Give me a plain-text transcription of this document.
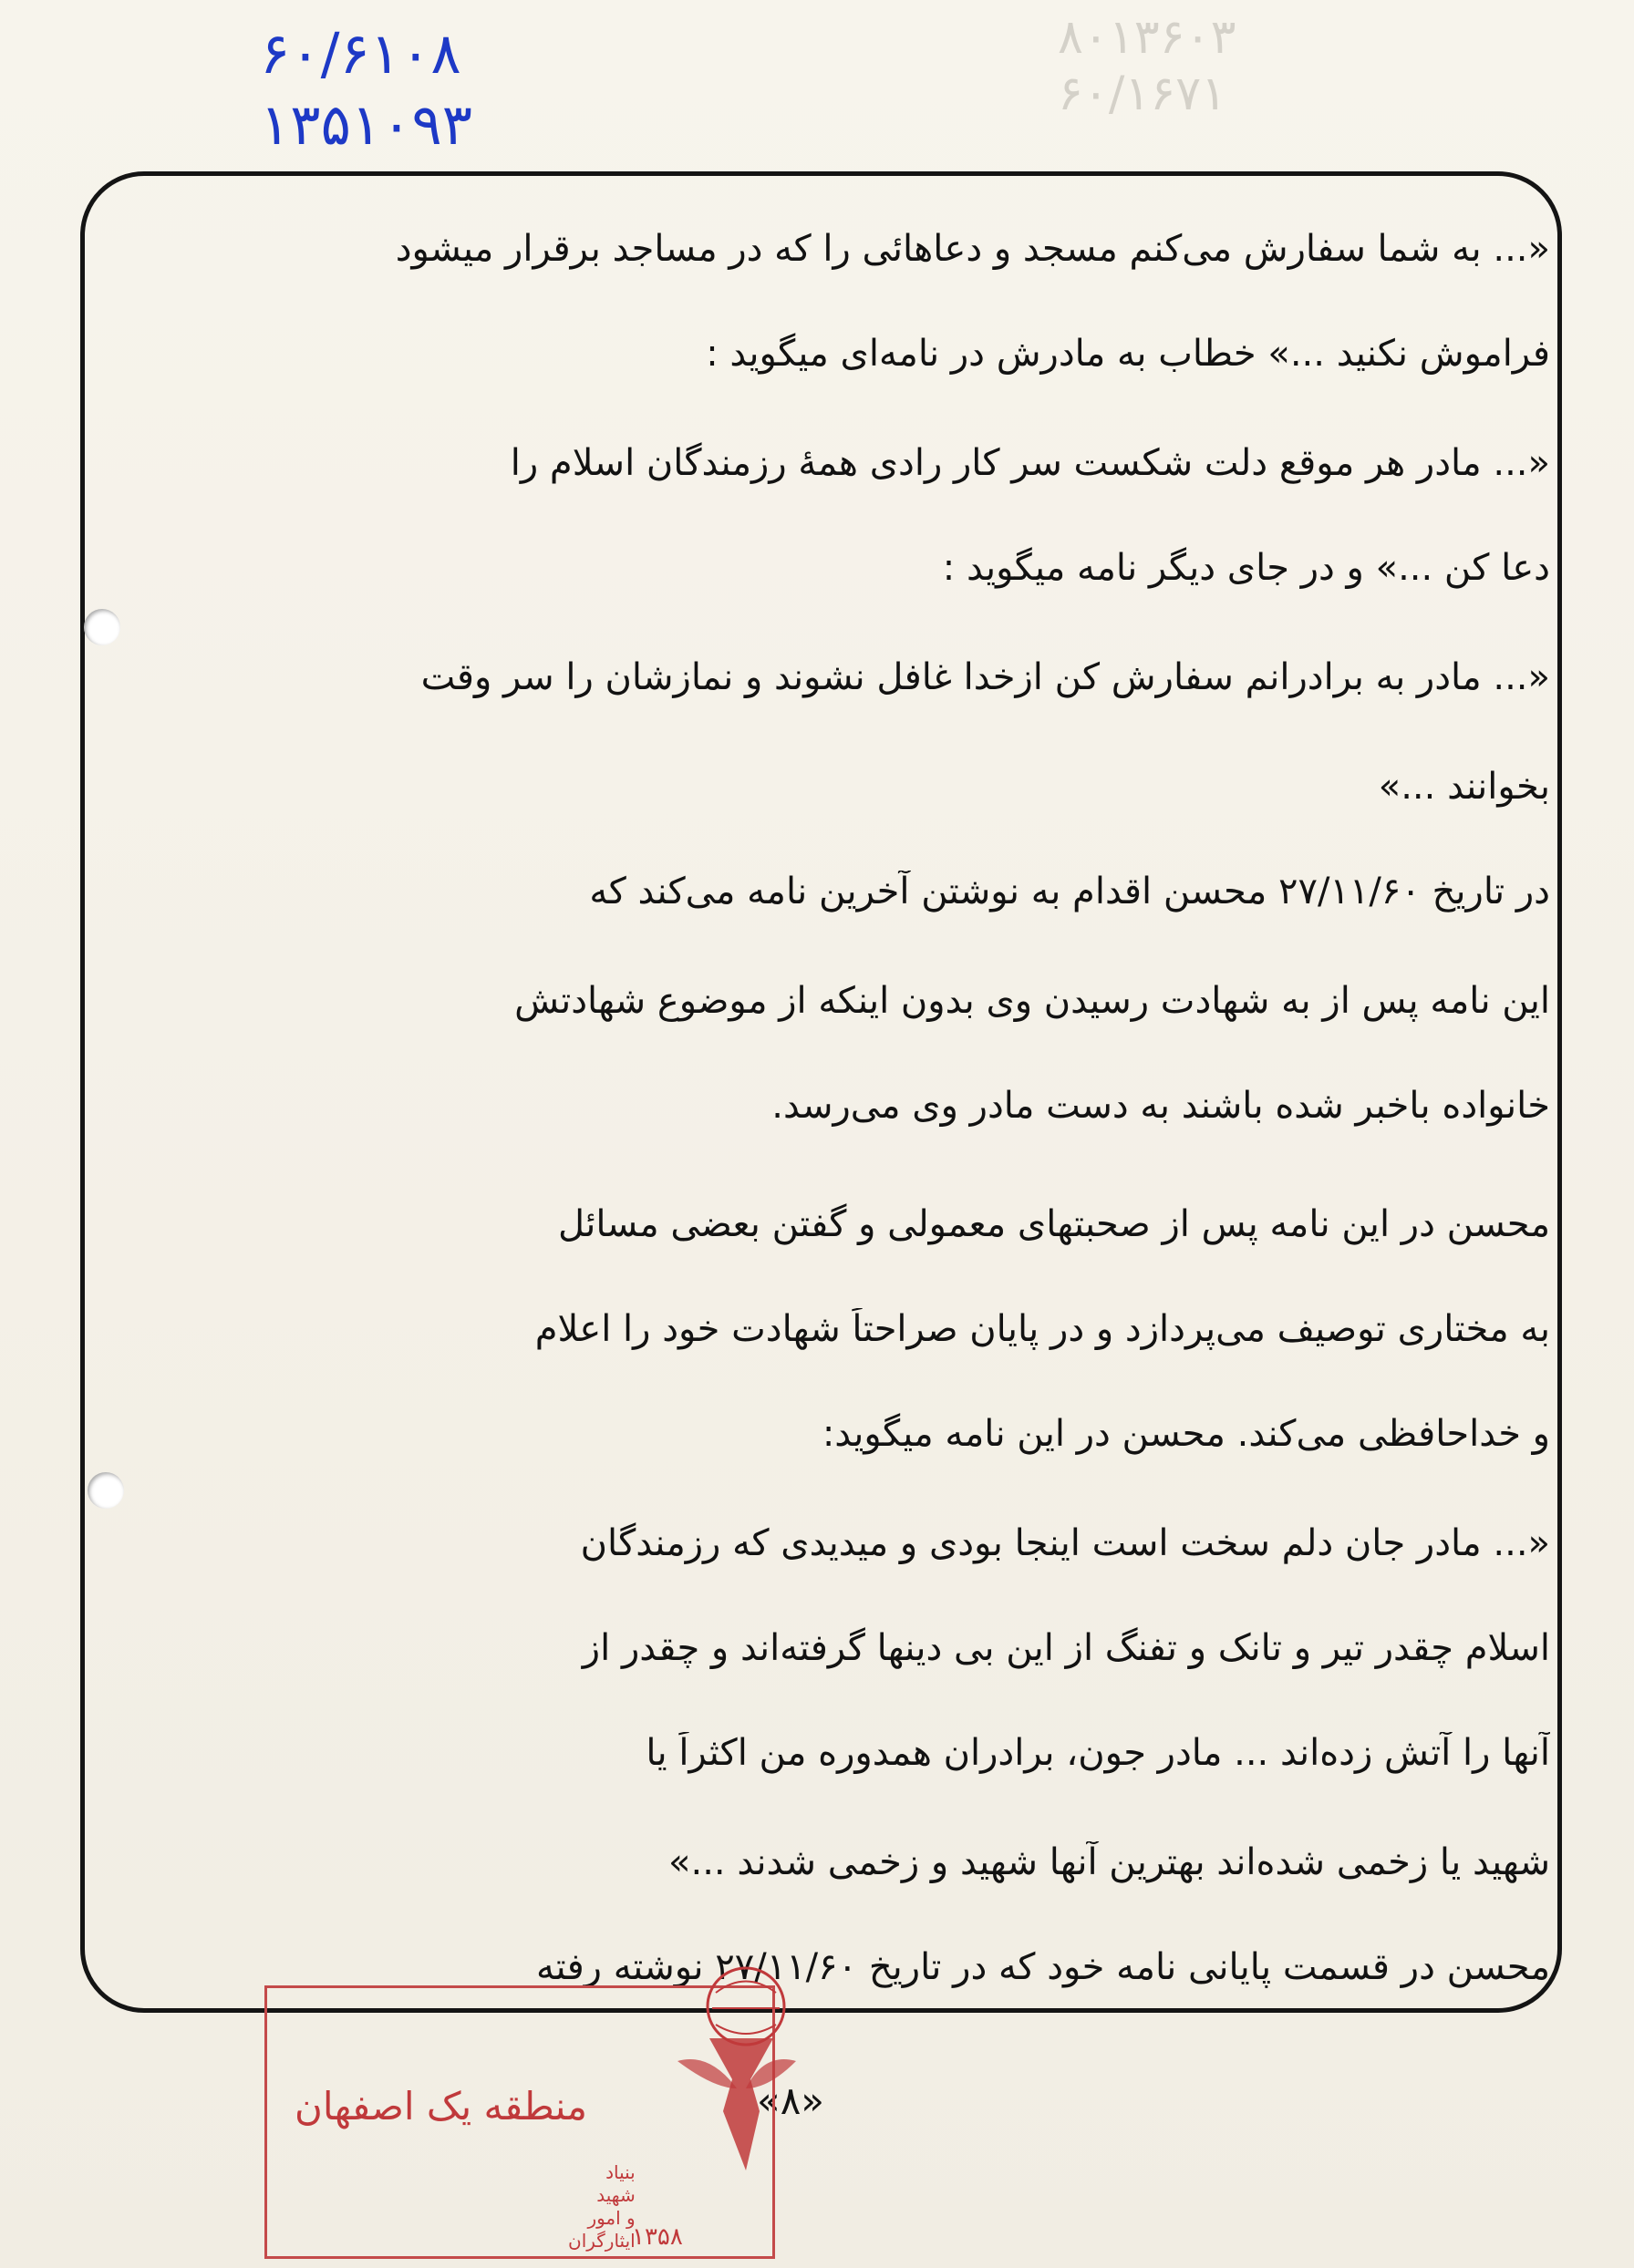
۸۰۱۳۶۰۳
۶۰/۱۶۷۱
۶۰/۶۱۰۸
۱۳۵۱۰۹۳
«... به شما سفارش می‌کنم مسجد و دعاهائی را که در مساجد برقرار میشود
فراموش نکنید ...» خطاب به مادرش در نامه‌ای میگوید :
«... مادر هر موقع دلت شکست سر کار رادی همهٔ رزمندگان اسلام را
دعا کن ...» و در جای دیگر نامه میگوید :
«... مادر به برادرانم سفارش کن ازخدا غافل نشوند و نمازشان را سر وقت
بخوانند ...»
در تاریخ ۲۷/۱۱/۶۰ محسن اقدام به نوشتن آخرین نامه می‌کند که
این نامه پس از به شهادت رسیدن وی بدون اینکه از موضوع شهادتش
خانواده باخبر شده باشند به دست مادر وی می‌رسد.
محسن در این نامه پس از صحبتهای معمولی و گفتن بعضی مسائل
به مختاری توصیف می‌پردازد و در پایان صراحتاً شهادت خود را اعلام
و خداحافظی می‌کند. محسن در این نامه میگوید:
«... مادر جان دلم سخت است اینجا بودی و میدیدی که رزمندگان
اسلام چقدر تیر و تانک و تفنگ از این بی دینها گرفته‌اند و چقدر از
آنها را آتش زده‌اند ... مادر جون، برادران همدوره من اکثراً یا
شهید یا زخمی شده‌اند بهترین آنها شهید و زخمی شدند ...»
محسن در قسمت پایانی نامه خود که در تاریخ ۲۷/۱۱/۶۰ نوشته رفته
«۸»
منطقه یک اصفهان
بنیاد
شهید
و امور
ایثارگران
۱۳۵۸
